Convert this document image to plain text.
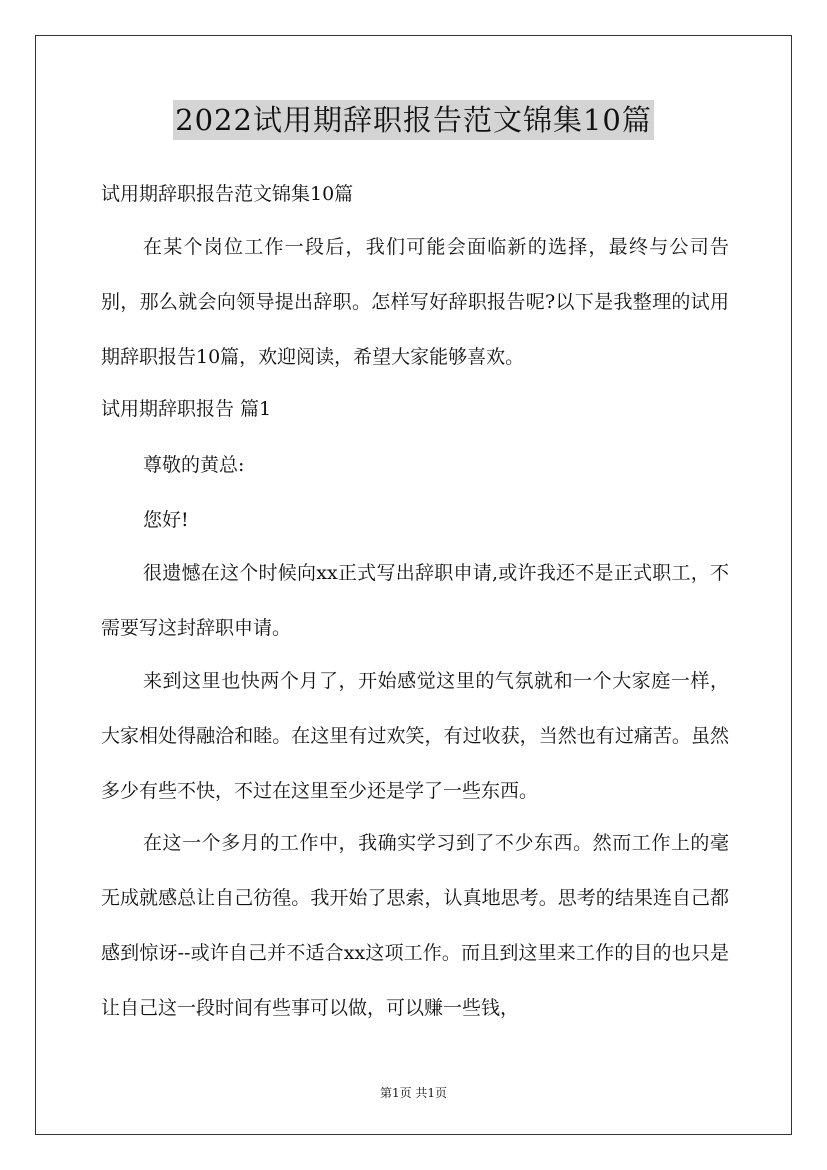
2022试用期辞职报告范文锦集10篇

试用期辞职报告范文锦集10篇

在某个岗位工作一段后，我们可能会面临新的选择，最终与公司告别，那么就会向领导提出辞职。怎样写好辞职报告呢?以下是我整理的试用期辞职报告10篇，欢迎阅读，希望大家能够喜欢。

试用期辞职报告 篇1

尊敬的黄总:

您好!

很遗憾在这个时候向xx正式写出辞职申请,或许我还不是正式职工，不需要写这封辞职申请。

来到这里也快两个月了，开始感觉这里的气氛就和一个大家庭一样，大家相处得融洽和睦。在这里有过欢笑，有过收获，当然也有过痛苦。虽然多少有些不快，不过在这里至少还是学了一些东西。

在这一个多月的工作中，我确实学习到了不少东西。然而工作上的毫无成就感总让自己彷徨。我开始了思索，认真地思考。思考的结果连自己都感到惊讶--或许自己并不适合xx这项工作。而且到这里来工作的目的也只是让自己这一段时间有些事可以做，可以赚一些钱，

第1页 共1页
